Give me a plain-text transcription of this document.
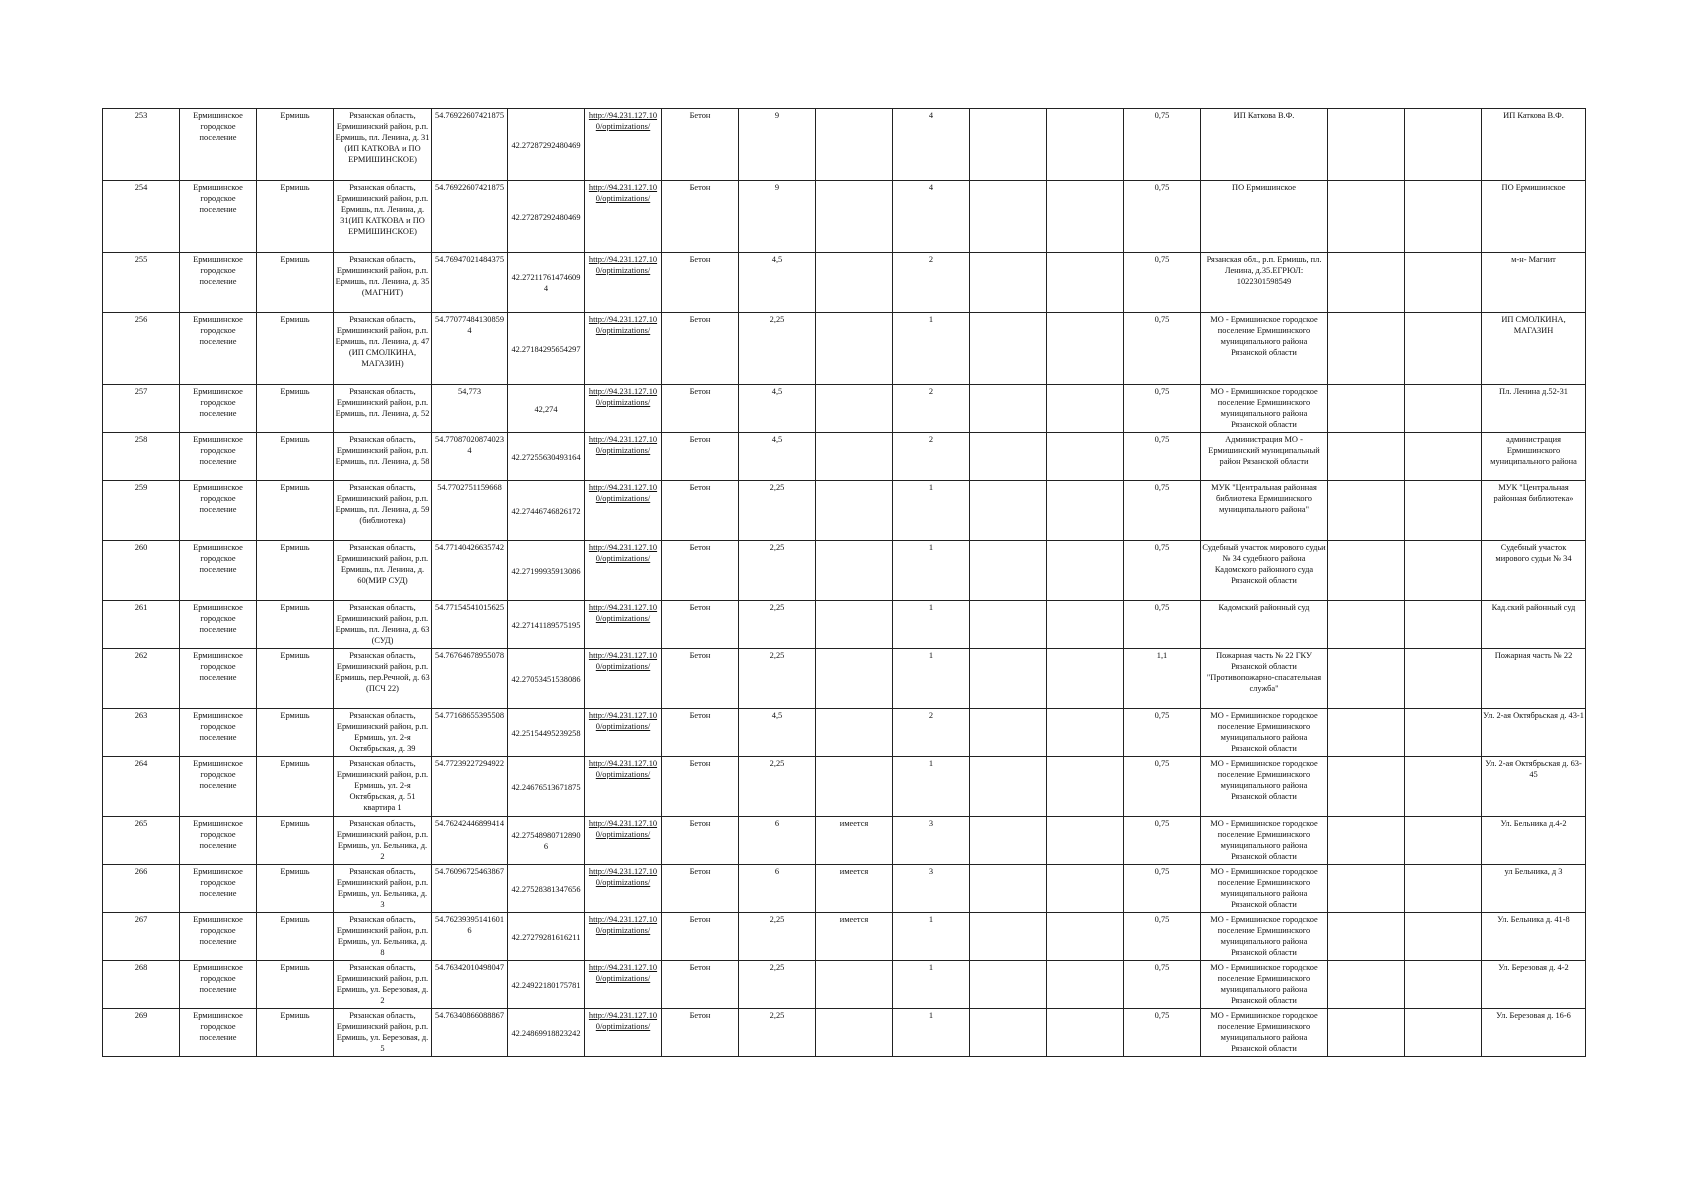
253	Ермишинское городское поселение	Ермишь	Рязанская область, Ермишинский район, р.п. Ермишь, пл. Ленина, д. 31 (ИП КАТКОВА и ПО ЕРМИШИНСКОЕ)	54.76922607421875	42.27287292480469	http://94.231.127.10 0/optimizations/	Бетон	9		4			0,75	ИП Каткова В.Ф.			ИП Каткова В.Ф.
254	Ермишинское городское поселение	Ермишь	Рязанская область, Ермишинский район, р.п. Ермишь, пл. Ленина, д. 31(ИП КАТКОВА и ПО ЕРМИШИНСКОЕ)	54.76922607421875	42.27287292480469	http://94.231.127.10 0/optimizations/	Бетон	9		4			0,75	ПО Ермишинское			ПО Ермишинское
255	Ермишинское городское поселение	Ермишь	Рязанская область, Ермишинский район, р.п. Ермишь, пл. Ленина, д. 35 (МАГНИТ)	54.76947021484375	42.27211761474609 4	http://94.231.127.10 0/optimizations/	Бетон	4,5		2			0,75	Рязанская обл., р.п. Ермишь, пл. Ленина, д.35.ЕГРЮЛ: 1022301598549			м-н- Магнит
256	Ермишинское городское поселение	Ермишь	Рязанская область, Ермишинский район, р.п. Ермишь, пл. Ленина, д. 47 (ИП СМОЛКИНА, МАГАЗИН)	54.77077484130859 4	42.27184295654297	http://94.231.127.10 0/optimizations/	Бетон	2,25		1			0,75	МО - Ермишинское городское поселение Ермишинского муниципального района Рязанской области			ИП СМОЛКИНА, МАГАЗИН
257	Ермишинское городское поселение	Ермишь	Рязанская область, Ермишинский район, р.п. Ермишь, пл. Ленина, д. 52	54,773	42,274	http://94.231.127.10 0/optimizations/	Бетон	4,5		2			0,75	МО - Ермишинское городское поселение Ермишинского муниципального района Рязанской области			Пл. Ленина д.52-31
258	Ермишинское городское поселение	Ермишь	Рязанская область, Ермишинский район, р.п. Ермишь, пл. Ленина, д. 58	54.77087020874023 4	42.27255630493164	http://94.231.127.10 0/optimizations/	Бетон	4,5		2			0,75	Администрация МО - Ермишинский муниципальный район Рязанской области			администрация Ермишинского муниципального района
259	Ермишинское городское поселение	Ермишь	Рязанская область, Ермишинский район, р.п. Ермишь, пл. Ленина, д. 59 (библиотека)	54.7702751159668	42.27446746826172	http://94.231.127.10 0/optimizations/	Бетон	2,25		1			0,75	МУК "Центральная районная библиотека Ермишинского муниципального района"			МУК "Центральная районная библиотека»
260	Ермишинское городское поселение	Ермишь	Рязанская область, Ермишинский район, р.п. Ермишь, пл. Ленина, д. 60(МИР СУД)	54.77140426635742	42.27199935913086	http://94.231.127.10 0/optimizations/	Бетон	2,25		1			0,75	Судебный участок мирового судьи № 34 судебного района Кадомского районного суда Рязанской области			Судебный участок мирового судьи № 34
261	Ермишинское городское поселение	Ермишь	Рязанская область, Ермишинский район, р.п. Ермишь, пл. Ленина, д. 63 (СУД)	54.77154541015625	42.27141189575195	http://94.231.127.10 0/optimizations/	Бетон	2,25		1			0,75	Кадомский районный суд			Кад.ский районный суд
262	Ермишинское городское поселение	Ермишь	Рязанская область, Ермишинский район, р.п. Ермишь, пер.Речной, д. 63 (ПСЧ 22)	54.76764678955078	42.27053451538086	http://94.231.127.10 0/optimizations/	Бетон	2,25		1			1,1	Пожарная часть № 22 ГКУ Рязанской области "Противопожарно-спасательная служба"			Пожарная часть № 22
263	Ермишинское городское поселение	Ермишь	Рязанская область, Ермишинский район, р.п. Ермишь, ул. 2-я Октябрьская, д. 39	54.77168655395508	42.25154495239258	http://94.231.127.10 0/optimizations/	Бетон	4,5		2			0,75	МО - Ермишинское городское поселение Ермишинского муниципального района Рязанской области			Ул. 2-ая Октябрьская д. 43-1
264	Ермишинское городское поселение	Ермишь	Рязанская область, Ермишинский район, р.п. Ермишь, ул. 2-я Октябрьская, д. 51 квартира 1	54.77239227294922	42.24676513671875	http://94.231.127.10 0/optimizations/	Бетон	2,25		1			0,75	МО - Ермишинское городское поселение Ермишинского муниципального района Рязанской области			Ул. 2-ая Октябрьская д. 63-45
265	Ермишинское городское поселение	Ермишь	Рязанская область, Ермишинский район, р.п. Ермишь, ул. Бельника, д. 2	54.76242446899414	42.27548980712890 6	http://94.231.127.10 0/optimizations/	Бетон	6	имеется	3			0,75	МО - Ермишинское городское поселение Ермишинского муниципального района Рязанской области			Ул. Бельника д.4-2
266	Ермишинское городское поселение	Ермишь	Рязанская область, Ермишинский район, р.п. Ермишь, ул. Бельника, д. 3	54.76096725463867	42.27528381347656	http://94.231.127.10 0/optimizations/	Бетон	6	имеется	3			0,75	МО - Ермишинское городское поселение Ермишинского муниципального района Рязанской области			ул Бельника, д 3
267	Ермишинское городское поселение	Ермишь	Рязанская область, Ермишинский район, р.п. Ермишь, ул. Бельника, д. 8	54.76239395141601 6	42.27279281616211	http://94.231.127.10 0/optimizations/	Бетон	2,25	имеется	1			0,75	МО - Ермишинское городское поселение Ермишинского муниципального района Рязанской области			Ул. Бельника д. 41-8
268	Ермишинское городское поселение	Ермишь	Рязанская область, Ермишинский район, р.п. Ермишь, ул. Березовая, д. 2	54.76342010498047	42.24922180175781	http://94.231.127.10 0/optimizations/	Бетон	2,25		1			0,75	МО - Ермишинское городское поселение Ермишинского муниципального района Рязанской области			Ул. Березовая д. 4-2
269	Ермишинское городское поселение	Ермишь	Рязанская область, Ермишинский район, р.п. Ермишь, ул. Березовая, д. 5	54.76340866088867	42.24869918823242	http://94.231.127.10 0/optimizations/	Бетон	2,25		1			0,75	МО - Ермишинское городское поселение Ермишинского муниципального района Рязанской области			Ул. Березовая д. 16-6
